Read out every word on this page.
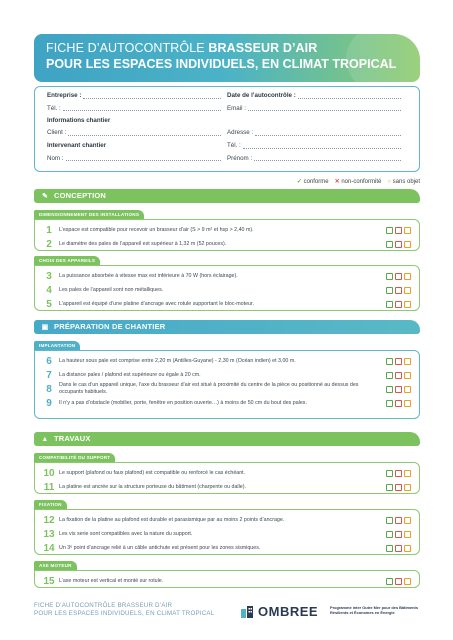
FICHE D’AUTOCONTRÔLE BRASSEUR D’AIR
POUR LES ESPACES INDIVIDUELS, EN CLIMAT TROPICAL
Entreprise :	Date de l’autocontrôle :
Tél. :	Email :
Informations chantier
Client :	Adresse :
Intervenant chantier	Tél. :
Nom :	Prénom :
✓ conforme ✕ non-conformité ○ sans objet
✎ CONCEPTION
DIMENSIONNEMENT DES INSTALLATIONS
1	L’espace est compatible pour recevoir un brasseur d’air (S > 9 m² et hsp > 2,40 m).
2	Le diamètre des pales de l’appareil est supérieur à 1,32 m (52 pouces).
CHOIX DES APPAREILS
3	La puissance absorbée à vitesse max est inférieure à 70 W (hors éclairage).
4	Les pales de l’appareil sont non métalliques.
5	L’appareil est équipé d’une platine d’ancrage avec rotule supportant le bloc-moteur.
▣ PRÉPARATION DE CHANTIER
IMPLANTATION
6	La hauteur sous pale est comprise entre 2,20 m (Antilles-Guyane) - 2,30 m (Océan indien) et 3,00 m.
7	La distance pales / plafond est supérieure ou égale à 20 cm.
8	Dans le cas d’un appareil unique, l’axe du brasseur d’air est situé à proximité du centre de la pièce ou positionné au dessus des occupants habituels.
9	Il n’y a pas d’obstacle (mobilier, porte, fenêtre en position ouverte…) à moins de 50 cm du bout des pales.
▲ TRAVAUX
COMPATIBILITÉ DU SUPPORT
10 Le support (plafond ou faux plafond) est compatible ou renforcé le cas échéant.
11 La platine est ancrée sur la structure porteuse du bâtiment (charpente ou dalle).
FIXATION
12 La fixation de la platine au plafond est durable et parasismique par au moins 2 points d’ancrage.
13 Les vis serie sont compatibles avec la nature du support.
14 Un 3ᵉ point d’ancrage relié à un câble antichute est présent pour les zones sismiques.
AXE MOTEUR
15 L’axe moteur est vertical et monté sur rotule.
FICHE D’AUTOCONTRÔLE BRASSEUR D’AIR
POUR LES ESPACES INDIVIDUELS, EN CLIMAT TROPICAL	OMBREE	Programme inter Outre Mer pour des Bâtiments Résilients et Économes en Énergie
